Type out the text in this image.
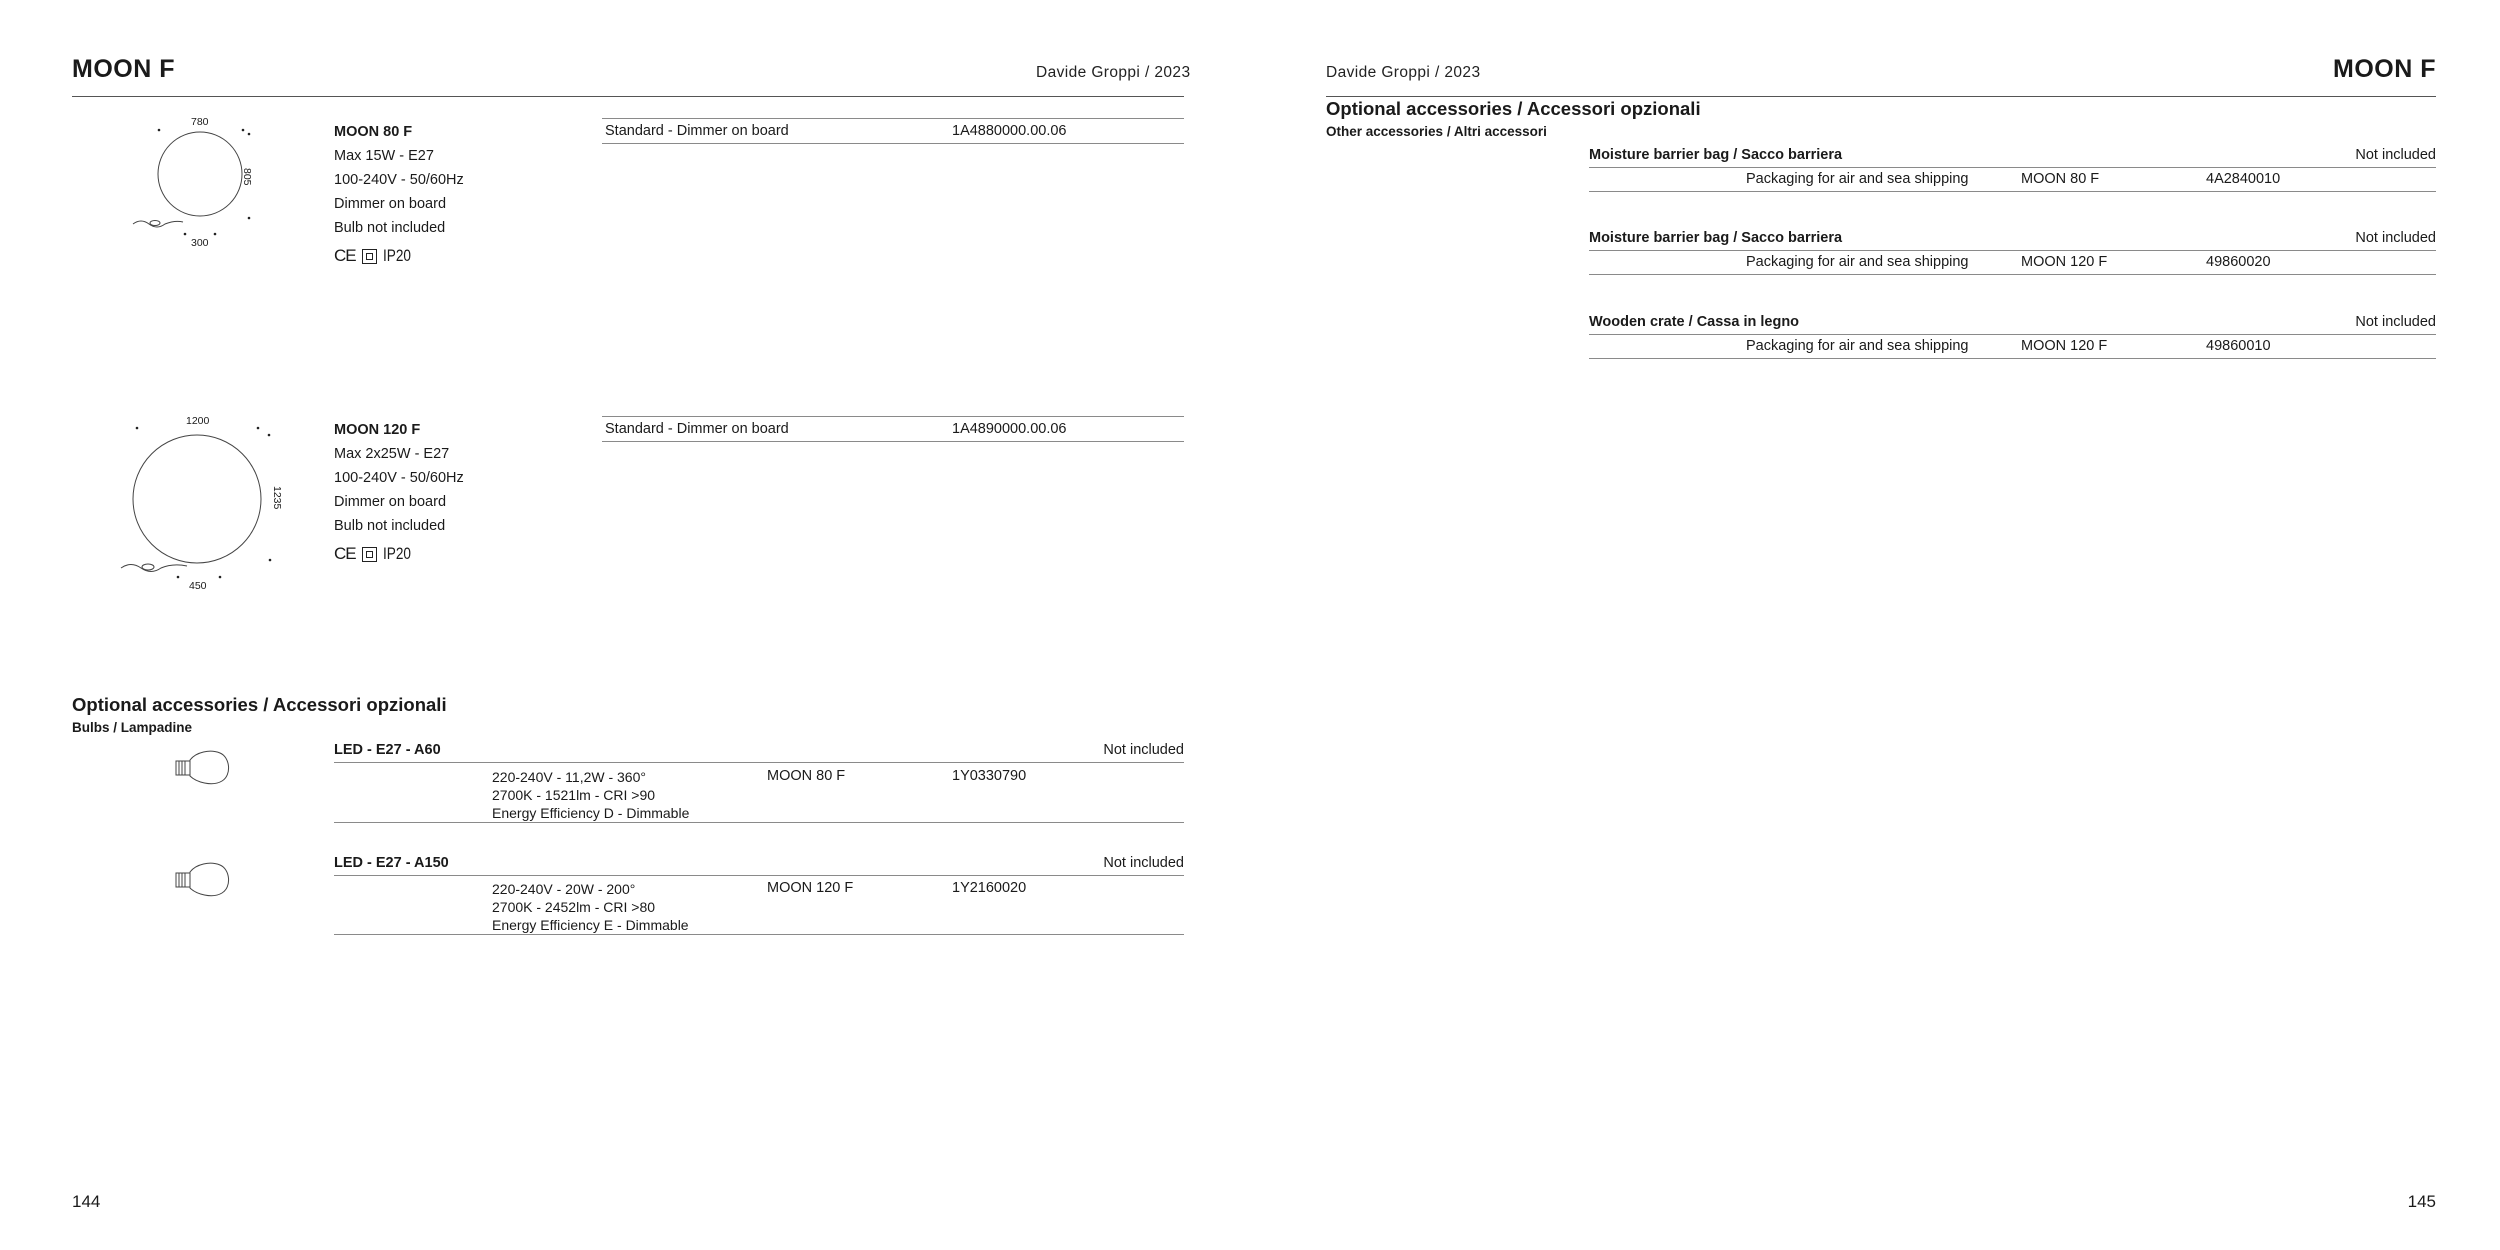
MOON F	Davide Groppi / 2023
780
805
300
MOON 80 F
Max 15W - E27
100-240V - 50/60Hz
Dimmer on board
Bulb not included
CE IP20
Standard - Dimmer on board	1A4880000.00.06
1200
1235
450
MOON 120 F
Max 2x25W - E27
100-240V - 50/60Hz
Dimmer on board
Bulb not included
CE IP20
Standard - Dimmer on board	1A4890000.00.06
Optional accessories / Accessori opzionali
Bulbs / Lampadine
LED - E27 - A60	Not included
220-240V - 11,2W - 360°
2700K - 1521lm - CRI >90
Energy Efficiency D - Dimmable
MOON 80 F	1Y0330790
LED - E27 - A150	Not included
220-240V - 20W - 200°
2700K - 2452lm - CRI >80
Energy Efficiency E - Dimmable
MOON 120 F	1Y2160020
144
Davide Groppi / 2023	MOON F
Optional accessories / Accessori opzionali
Other accessories / Altri accessori
Moisture barrier bag / Sacco barriera	Not included
Packaging for air and sea shipping	MOON 80 F	4A2840010
Moisture barrier bag / Sacco barriera	Not included
Packaging for air and sea shipping	MOON 120 F	49860020
Wooden crate / Cassa in legno	Not included
Packaging for air and sea shipping	MOON 120 F	49860010
145
